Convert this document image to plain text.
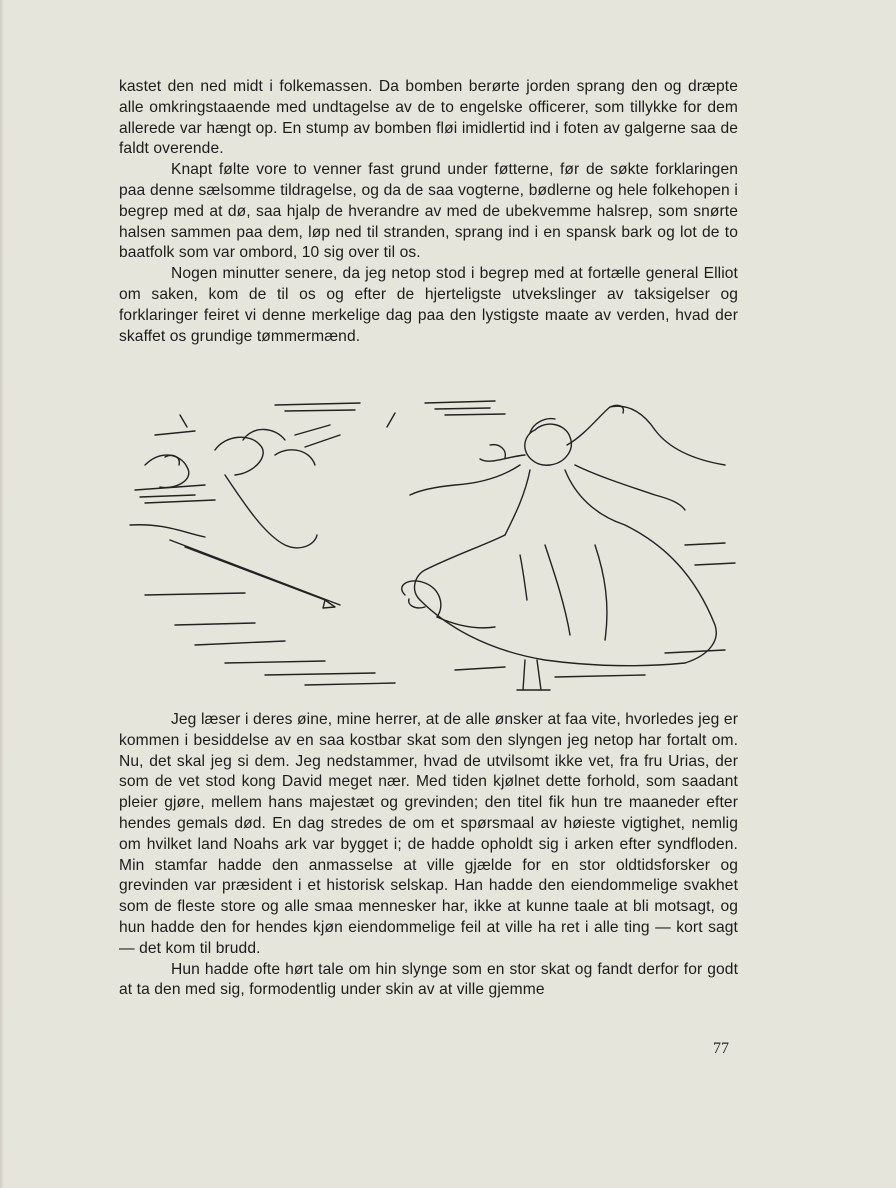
kastet den ned midt i folkemassen. Da bomben berørte jorden sprang den og dræpte alle omkringstaaende med undtagelse av de to engelske officerer, som tillykke for dem allerede var hængt op. En stump av bomben fløi imidlertid ind i foten av galgerne saa de faldt overende.

Knapt følte vore to venner fast grund under føtterne, før de søkte forklaringen paa denne sælsomme tildragelse, og da de saa vogterne, bødlerne og hele folkehopen i begrep med at dø, saa hjalp de hverandre av med de ubekvemme halsrep, som snørte halsen sammen paa dem, løp ned til stranden, sprang ind i en spansk bark og lot de to baatfolk som var ombord, 10 sig over til os.

Nogen minutter senere, da jeg netop stod i begrep med at fortælle general Elliot om saken, kom de til os og efter de hjerteligste utvekslinger av taksigelser og forklaringer feiret vi denne merkelige dag paa den lystigste maate av verden, hvad der skaffet os grundige tømmermænd.

Jeg læser i deres øine, mine herrer, at de alle ønsker at faa vite, hvorledes jeg er kommen i besiddelse av en saa kostbar skat som den slyngen jeg netop har fortalt om. Nu, det skal jeg si dem. Jeg nedstammer, hvad de utvilsomt ikke vet, fra fru Urias, der som de vet stod kong David meget nær. Med tiden kjølnet dette forhold, som saadant pleier gjøre, mellem hans majestæt og grevinden; den titel fik hun tre maaneder efter hendes gemals død. En dag stredes de om et spørsmaal av høieste vigtighet, nemlig om hvilket land Noahs ark var bygget i; de hadde opholdt sig i arken efter syndfloden. Min stamfar hadde den anmasselse at ville gjælde for en stor oldtidsforsker og grevinden var præsident i et historisk selskap. Han hadde den eiendommelige svakhet som de fleste store og alle smaa mennesker har, ikke at kunne taale at bli motsagt, og hun hadde den for hendes kjøn eiendommelige feil at ville ha ret i alle ting — kort sagt — det kom til brudd.

Hun hadde ofte hørt tale om hin slynge som en stor skat og fandt derfor for godt at ta den med sig, formodentlig under skin av at ville gjemme

77
